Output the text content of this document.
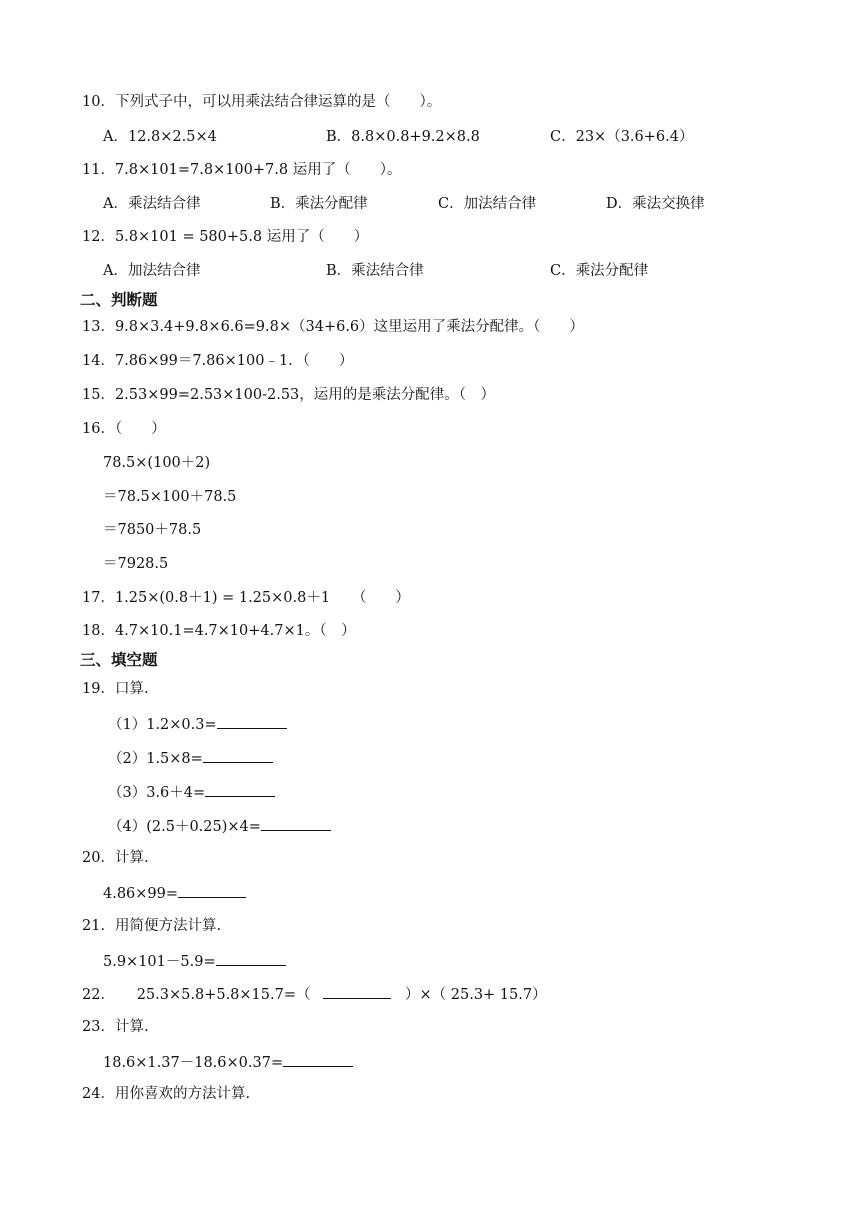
10．下列式子中，可以用乘法结合律运算的是（　　）。
A．12.8×2.5×4	B．8.8×0.8+9.2×8.8	C．23×（3.6+6.4）
11．7.8×101=7.8×100+7.8 运用了（　　）。
A．乘法结合律	B．乘法分配律	C．加法结合律	D．乘法交换律
12．5.8×101 = 580+5.8 运用了（　　）
A．加法结合律	B．乘法结合律	C．乘法分配律
二、判断题
13．9.8×3.4+9.8×6.6=9.8×（34+6.6）这里运用了乘法分配律。（　　）
14．7.86×99＝7.86×100﹣1．（　　）
15．2.53×99=2.53×100-2.53，运用的是乘法分配律。（　）
16．（　　）
78.5×(100＋2)
＝78.5×100＋78.5
＝7850＋78.5
＝7928.5
17．1.25×(0.8＋1) = 1.25×0.8＋1　　（　　）
18．4.7×10.1=4.7×10+4.7×1。（　）
三、填空题
19．口算.
（1）1.2×0.3=
（2）1.5×8=
（3）3.6＋4=
（4）(2.5＋0.25)×4=
20．计算.
4.86×99=
21．用简便方法计算.
5.9×101－5.9=
22．　　25.3×5.8+5.8×15.7=（	　）×（ 25.3+ 15.7）
23．计算.
18.6×1.37－18.6×0.37=
24．用你喜欢的方法计算.
